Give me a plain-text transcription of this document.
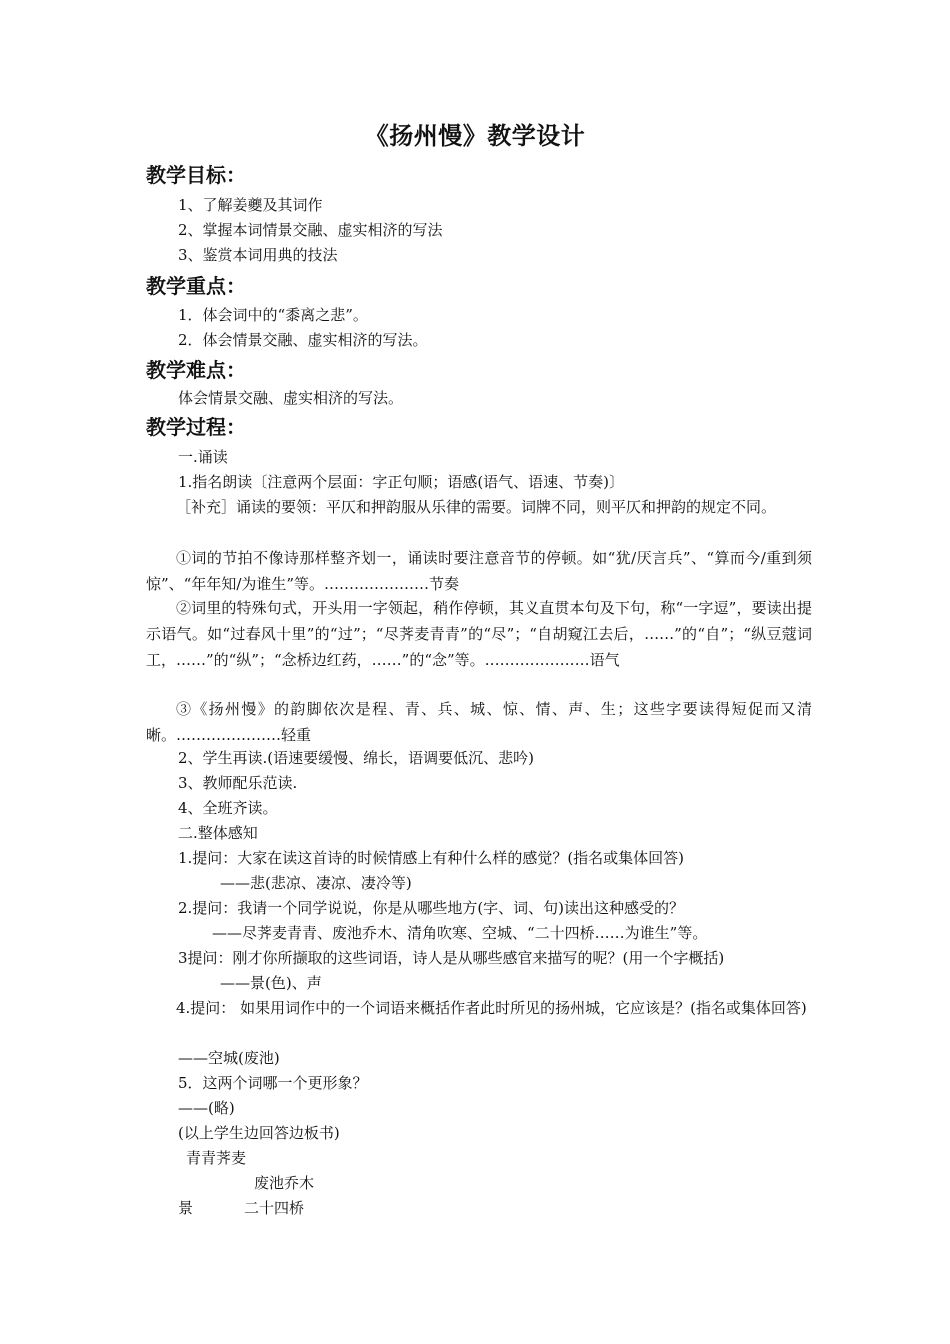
《扬州慢》教学设计
教学目标：
1、了解姜夔及其词作
2、掌握本词情景交融、虚实相济的写法
3、鉴赏本词用典的技法
教学重点：
1．体会词中的“黍离之悲”。
2．体会情景交融、虚实相济的写法。
教学难点：
体会情景交融、虚实相济的写法。
教学过程：
一.诵读
1.指名朗读〔注意两个层面：字正句顺；语感(语气、语速、节奏)〕
［补充］诵读的要领：平仄和押韵服从乐律的需要。词牌不同，则平仄和押韵的规定不同。
①词的节拍不像诗那样整齐划一，诵读时要注意音节的停顿。如“犹/厌言兵”、“算而今/重到须惊”、“年年知/为谁生”等。…………………节奏
②词里的特殊句式，开头用一字领起，稍作停顿，其义直贯本句及下句，称“一字逗”，要读出提示语气。如“过春风十里”的“过”；“尽荠麦青青”的“尽”；“自胡窥江去后，……”的“自”；“纵豆蔻词工，……”的“纵”；“念桥边红药，……”的“念”等。…………………语气
③《扬州慢》的韵脚依次是程、青、兵、城、惊、情、声、生；这些字要读得短促而又清晰。…………………轻重
2、学生再读.(语速要缓慢、绵长，语调要低沉、悲吟)
3、教师配乐范读.
4、全班齐读。
二.整体感知
1.提问：大家在读这首诗的时候情感上有种什么样的感觉？(指名或集体回答)
——悲(悲凉、凄凉、凄冷等)
2.提问：我请一个同学说说，你是从哪些地方(字、词、句)读出这种感受的？
——尽荠麦青青、废池乔木、清角吹寒、空城、“二十四桥……为谁生”等。
3提问：刚才你所撷取的这些词语，诗人是从哪些感官来描写的呢？(用一个字概括)
——景(色)、声
4.提问： 如果用词作中的一个词语来概括作者此时所见的扬州城，它应该是？(指名或集体回答)
——空城(废池)
5．这两个词哪一个更形象？
——(略)
(以上学生边回答边板书)
青青荠麦
废池乔木
景	二十四桥
